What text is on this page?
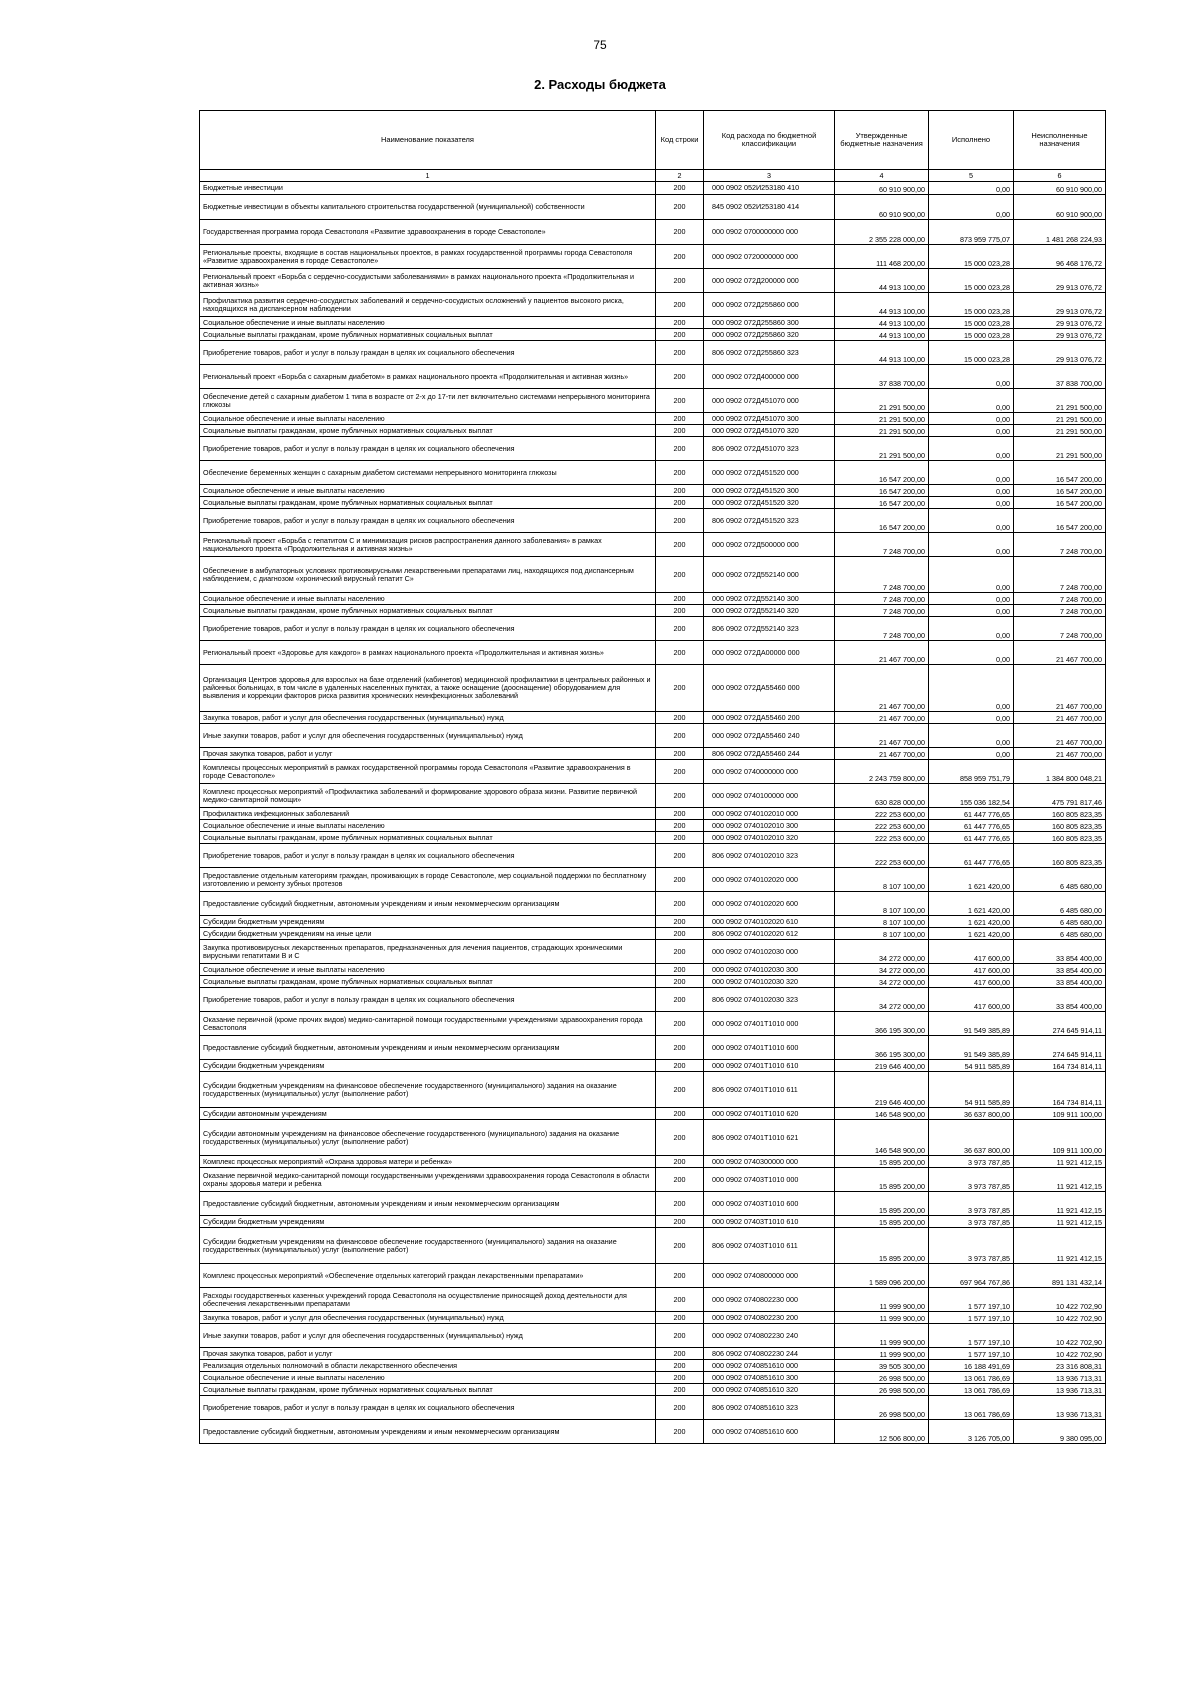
75
2. Расходы бюджета
Наименование показателя	Код строки	Код расхода по бюджетной классификации	Утвержденные бюджетные назначения	Исполнено	Неисполненные назначения
1	2	3	4	5	6
Бюджетные инвестиции	200	000 0902 052И253180 410	60 910 900,00	0,00	60 910 900,00
Бюджетные инвестиции в объекты капитального строительства государственной (муниципальной) собственности	200	845 0902 052И253180 414	60 910 900,00	0,00	60 910 900,00
Государственная программа города Севастополя «Развитие здравоохранения в городе Севастополе»	200	000 0902 0700000000 000	2 355 228 000,00	873 959 775,07	1 481 268 224,93
Региональные проекты, входящие в состав национальных проектов, в рамках государственной программы города Севастополя «Развитие здравоохранения в городе Севастополе»	200	000 0902 0720000000 000	111 468 200,00	15 000 023,28	96 468 176,72
Региональный проект «Борьба с сердечно-сосудистыми заболеваниями» в рамках национального проекта «Продолжительная и активная жизнь»	200	000 0902 072Д200000 000	44 913 100,00	15 000 023,28	29 913 076,72
Профилактика развития сердечно-сосудистых заболеваний и сердечно-сосудистых осложнений у пациентов высокого риска, находящихся на диспансерном наблюдении	200	000 0902 072Д255860 000	44 913 100,00	15 000 023,28	29 913 076,72
Социальное обеспечение и иные выплаты населению	200	000 0902 072Д255860 300	44 913 100,00	15 000 023,28	29 913 076,72
Социальные выплаты гражданам, кроме публичных нормативных социальных выплат	200	000 0902 072Д255860 320	44 913 100,00	15 000 023,28	29 913 076,72
Приобретение товаров, работ и услуг в пользу граждан в целях их социального обеспечения	200	806 0902 072Д255860 323	44 913 100,00	15 000 023,28	29 913 076,72
Региональный проект «Борьба с сахарным диабетом» в рамках национального проекта «Продолжительная и активная жизнь»	200	000 0902 072Д400000 000	37 838 700,00	0,00	37 838 700,00
Обеспечение детей с сахарным диабетом 1 типа в возрасте от 2-х до 17-ти лет включительно системами непрерывного мониторинга глюкозы	200	000 0902 072Д451070 000	21 291 500,00	0,00	21 291 500,00
Социальное обеспечение и иные выплаты населению	200	000 0902 072Д451070 300	21 291 500,00	0,00	21 291 500,00
Социальные выплаты гражданам, кроме публичных нормативных социальных выплат	200	000 0902 072Д451070 320	21 291 500,00	0,00	21 291 500,00
Приобретение товаров, работ и услуг в пользу граждан в целях их социального обеспечения	200	806 0902 072Д451070 323	21 291 500,00	0,00	21 291 500,00
Обеспечение беременных женщин с сахарным диабетом системами непрерывного мониторинга глюкозы	200	000 0902 072Д451520 000	16 547 200,00	0,00	16 547 200,00
Социальное обеспечение и иные выплаты населению	200	000 0902 072Д451520 300	16 547 200,00	0,00	16 547 200,00
Социальные выплаты гражданам, кроме публичных нормативных социальных выплат	200	000 0902 072Д451520 320	16 547 200,00	0,00	16 547 200,00
Приобретение товаров, работ и услуг в пользу граждан в целях их социального обеспечения	200	806 0902 072Д451520 323	16 547 200,00	0,00	16 547 200,00
Региональный проект «Борьба с гепатитом С и минимизация рисков распространения данного заболевания» в рамках национального проекта «Продолжительная и активная жизнь»	200	000 0902 072Д500000 000	7 248 700,00	0,00	7 248 700,00
Обеспечение в амбулаторных условиях противовирусными лекарственными препаратами лиц, находящихся под диспансерным наблюдением, с диагнозом «хронический вирусный гепатит С»	200	000 0902 072Д552140 000	7 248 700,00	0,00	7 248 700,00
Социальное обеспечение и иные выплаты населению	200	000 0902 072Д552140 300	7 248 700,00	0,00	7 248 700,00
Социальные выплаты гражданам, кроме публичных нормативных социальных выплат	200	000 0902 072Д552140 320	7 248 700,00	0,00	7 248 700,00
Приобретение товаров, работ и услуг в пользу граждан в целях их социального обеспечения	200	806 0902 072Д552140 323	7 248 700,00	0,00	7 248 700,00
Региональный проект «Здоровье для каждого» в рамках национального проекта «Продолжительная и активная жизнь»	200	000 0902 072ДА00000 000	21 467 700,00	0,00	21 467 700,00
Организация Центров здоровья для взрослых на базе отделений (кабинетов) медицинской профилактики в центральных районных и районных больницах, в том числе в удаленных населенных пунктах, а также оснащение (дооснащение) оборудованием для выявления и коррекции факторов риска развития хронических неинфекционных заболеваний	200	000 0902 072ДА55460 000	21 467 700,00	0,00	21 467 700,00
Закупка товаров, работ и услуг для обеспечения государственных (муниципальных) нужд	200	000 0902 072ДА55460 200	21 467 700,00	0,00	21 467 700,00
Иные закупки товаров, работ и услуг для обеспечения государственных (муниципальных) нужд	200	000 0902 072ДА55460 240	21 467 700,00	0,00	21 467 700,00
Прочая закупка товаров, работ и услуг	200	806 0902 072ДА55460 244	21 467 700,00	0,00	21 467 700,00
Комплексы процессных мероприятий в рамках государственной программы города Севастополя «Развитие здравоохранения в городе Севастополе»	200	000 0902 0740000000 000	2 243 759 800,00	858 959 751,79	1 384 800 048,21
Комплекс процессных мероприятий «Профилактика заболеваний и формирование здорового образа жизни. Развитие первичной медико-санитарной помощи»	200	000 0902 0740100000 000	630 828 000,00	155 036 182,54	475 791 817,46
Профилактика инфекционных заболеваний	200	000 0902 0740102010 000	222 253 600,00	61 447 776,65	160 805 823,35
Социальное обеспечение и иные выплаты населению	200	000 0902 0740102010 300	222 253 600,00	61 447 776,65	160 805 823,35
Социальные выплаты гражданам, кроме публичных нормативных социальных выплат	200	000 0902 0740102010 320	222 253 600,00	61 447 776,65	160 805 823,35
Приобретение товаров, работ и услуг в пользу граждан в целях их социального обеспечения	200	806 0902 0740102010 323	222 253 600,00	61 447 776,65	160 805 823,35
Предоставление отдельным категориям граждан, проживающих в городе Севастополе, мер социальной поддержки по бесплатному изготовлению и ремонту зубных протезов	200	000 0902 0740102020 000	8 107 100,00	1 621 420,00	6 485 680,00
Предоставление субсидий бюджетным, автономным учреждениям и иным некоммерческим организациям	200	000 0902 0740102020 600	8 107 100,00	1 621 420,00	6 485 680,00
Субсидии бюджетным учреждениям	200	000 0902 0740102020 610	8 107 100,00	1 621 420,00	6 485 680,00
Субсидии бюджетным учреждениям на иные цели	200	806 0902 0740102020 612	8 107 100,00	1 621 420,00	6 485 680,00
Закупка противовирусных лекарственных препаратов, предназначенных для лечения пациентов, страдающих хроническими вирусными гепатитами В и С	200	000 0902 0740102030 000	34 272 000,00	417 600,00	33 854 400,00
Социальное обеспечение и иные выплаты населению	200	000 0902 0740102030 300	34 272 000,00	417 600,00	33 854 400,00
Социальные выплаты гражданам, кроме публичных нормативных социальных выплат	200	000 0902 0740102030 320	34 272 000,00	417 600,00	33 854 400,00
Приобретение товаров, работ и услуг в пользу граждан в целях их социального обеспечения	200	806 0902 0740102030 323	34 272 000,00	417 600,00	33 854 400,00
Оказание первичной (кроме прочих видов) медико-санитарной помощи государственными учреждениями здравоохранения города Севастополя	200	000 0902 07401Т1010 000	366 195 300,00	91 549 385,89	274 645 914,11
Предоставление субсидий бюджетным, автономным учреждениям и иным некоммерческим организациям	200	000 0902 07401Т1010 600	366 195 300,00	91 549 385,89	274 645 914,11
Субсидии бюджетным учреждениям	200	000 0902 07401Т1010 610	219 646 400,00	54 911 585,89	164 734 814,11
Субсидии бюджетным учреждениям на финансовое обеспечение государственного (муниципального) задания на оказание государственных (муниципальных) услуг (выполнение работ)	200	806 0902 07401Т1010 611	219 646 400,00	54 911 585,89	164 734 814,11
Субсидии автономным учреждениям	200	000 0902 07401Т1010 620	146 548 900,00	36 637 800,00	109 911 100,00
Субсидии автономным учреждениям на финансовое обеспечение государственного (муниципального) задания на оказание государственных (муниципальных) услуг (выполнение работ)	200	806 0902 07401Т1010 621	146 548 900,00	36 637 800,00	109 911 100,00
Комплекс процессных мероприятий «Охрана здоровья матери и ребенка»	200	000 0902 0740300000 000	15 895 200,00	3 973 787,85	11 921 412,15
Оказание первичной медико-санитарной помощи государственными учреждениями здравоохранения города Севастополя в области охраны здоровья матери и ребенка	200	000 0902 07403Т1010 000	15 895 200,00	3 973 787,85	11 921 412,15
Предоставление субсидий бюджетным, автономным учреждениям и иным некоммерческим организациям	200	000 0902 07403Т1010 600	15 895 200,00	3 973 787,85	11 921 412,15
Субсидии бюджетным учреждениям	200	000 0902 07403Т1010 610	15 895 200,00	3 973 787,85	11 921 412,15
Субсидии бюджетным учреждениям на финансовое обеспечение государственного (муниципального) задания на оказание государственных (муниципальных) услуг (выполнение работ)	200	806 0902 07403Т1010 611	15 895 200,00	3 973 787,85	11 921 412,15
Комплекс процессных мероприятий «Обеспечение отдельных категорий граждан лекарственными препаратами»	200	000 0902 0740800000 000	1 589 096 200,00	697 964 767,86	891 131 432,14
Расходы государственных казенных учреждений города Севастополя на осуществление приносящей доход деятельности для обеспечения лекарственными препаратами	200	000 0902 0740802230 000	11 999 900,00	1 577 197,10	10 422 702,90
Закупка товаров, работ и услуг для обеспечения государственных (муниципальных) нужд	200	000 0902 0740802230 200	11 999 900,00	1 577 197,10	10 422 702,90
Иные закупки товаров, работ и услуг для обеспечения государственных (муниципальных) нужд	200	000 0902 0740802230 240	11 999 900,00	1 577 197,10	10 422 702,90
Прочая закупка товаров, работ и услуг	200	806 0902 0740802230 244	11 999 900,00	1 577 197,10	10 422 702,90
Реализация отдельных полномочий в области лекарственного обеспечения	200	000 0902 0740851610 000	39 505 300,00	16 188 491,69	23 316 808,31
Социальное обеспечение и иные выплаты населению	200	000 0902 0740851610 300	26 998 500,00	13 061 786,69	13 936 713,31
Социальные выплаты гражданам, кроме публичных нормативных социальных выплат	200	000 0902 0740851610 320	26 998 500,00	13 061 786,69	13 936 713,31
Приобретение товаров, работ и услуг в пользу граждан в целях их социального обеспечения	200	806 0902 0740851610 323	26 998 500,00	13 061 786,69	13 936 713,31
Предоставление субсидий бюджетным, автономным учреждениям и иным некоммерческим организациям	200	000 0902 0740851610 600	12 506 800,00	3 126 705,00	9 380 095,00
